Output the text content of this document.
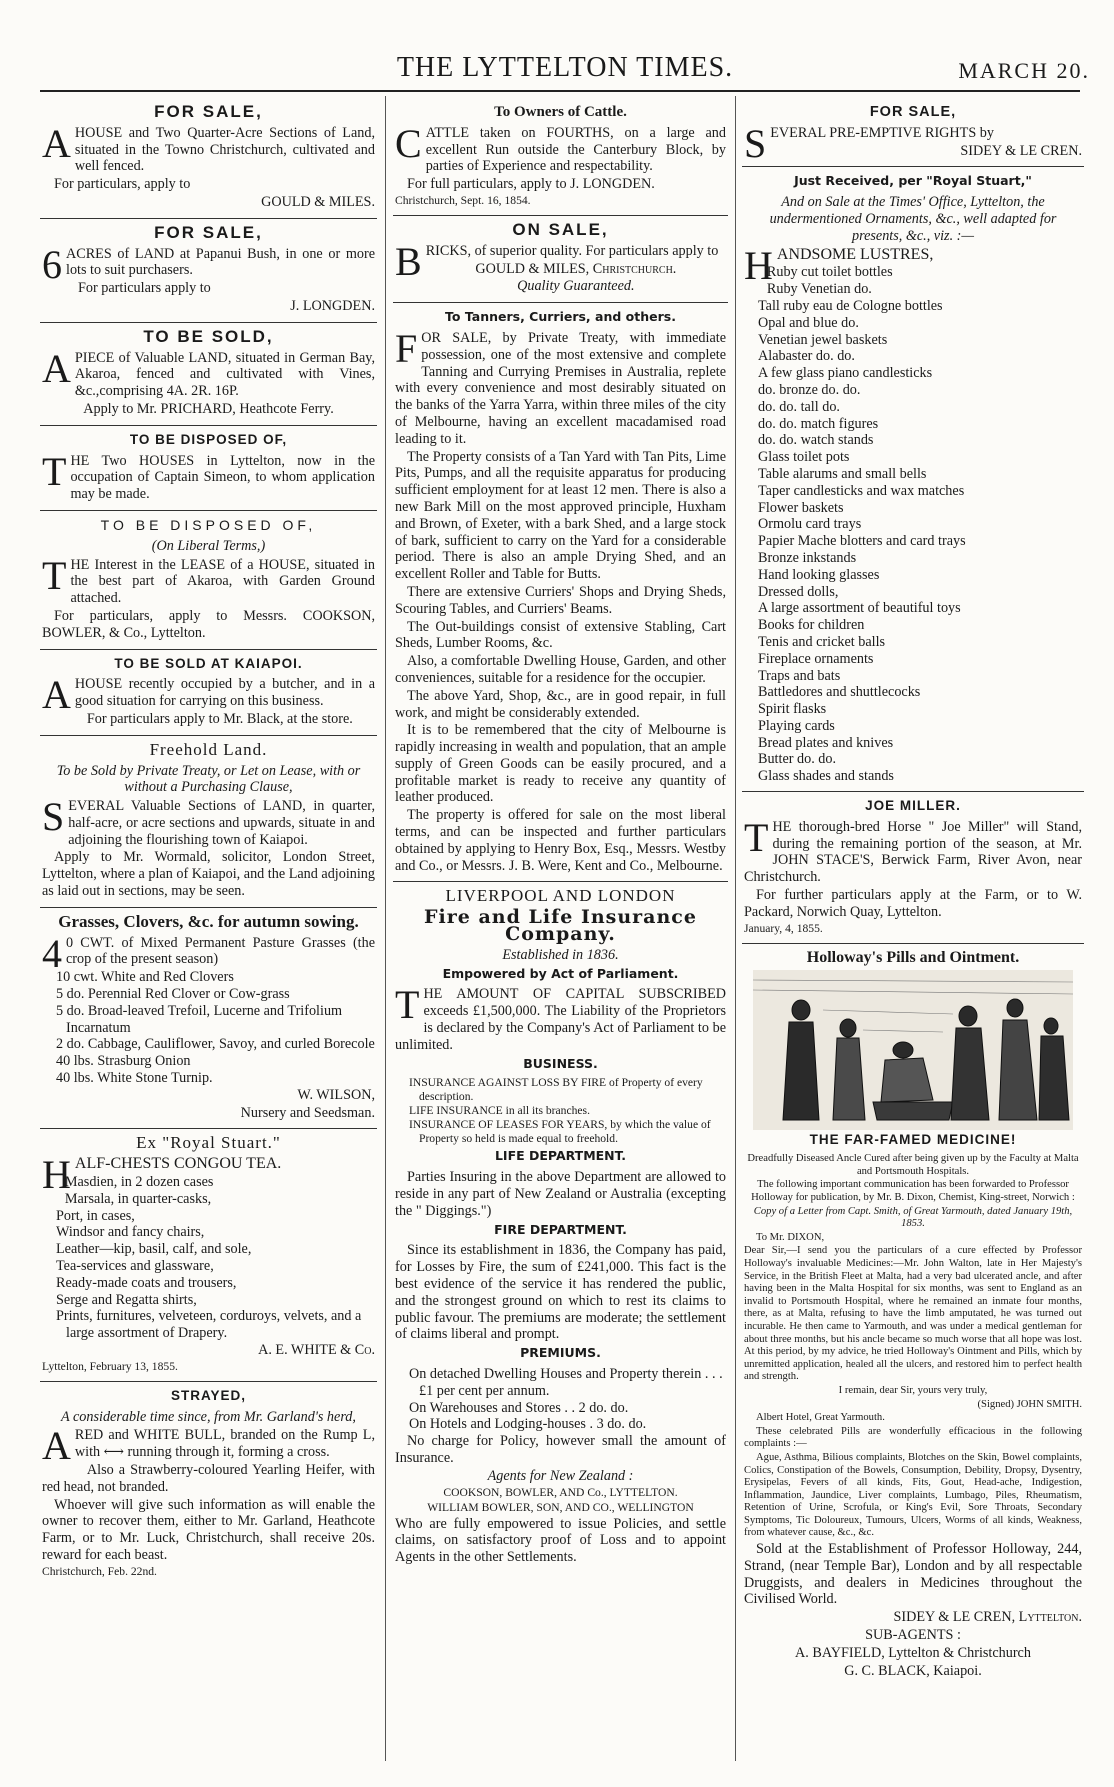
THE LYTTELTON TIMES.	MARCH 20.
FOR SALE,

AHOUSE and Two Quarter-Acre Sections of Land, situated in the Towno Christchurch, cultivated and well fenced.

For particulars, apply to

GOULD & MILES.

FOR SALE,

6ACRES of LAND at Papanui Bush, in one or more lots to suit purchasers.

For particulars apply to

J. LONGDEN.

TO BE SOLD,

APIECE of Valuable LAND, situated in German Bay, Akaroa, fenced and cultivated with Vines, &c.,comprising 4A. 2R. 16P.

Apply to Mr. PRICHARD, Heathcote Ferry.

TO BE DISPOSED OF,

THE Two HOUSES in Lyttelton, now in the occupation of Captain Simeon, to whom application may be made.

TO BE DISPOSED OF,
(On Liberal Terms,)

THE Interest in the LEASE of a HOUSE, situated in the best part of Akaroa, with Garden Ground attached.

For particulars, apply to Messrs. COOKSON, BOWLER, & Co., Lyttelton.

TO BE SOLD AT KAIAPOI.

AHOUSE recently occupied by a butcher, and in a good situation for carrying on this business.

For particulars apply to Mr. Black, at the store.

Freehold Land.
To be Sold by Private Treaty, or Let on Lease, with or without a Purchasing Clause,

SEVERAL Valuable Sections of LAND, in quarter, half-acre, or acre sections and upwards, situate in and adjoining the flourishing town of Kaiapoi.

Apply to Mr. Wormald, solicitor, London Street, Lyttelton, where a plan of Kaiapoi, and the Land adjoining as laid out in sections, may be seen.

Grasses, Clovers, &c. for autumn sowing.

40 CWT. of Mixed Permanent Pasture Grasses (the crop of the present season)

10 cwt. White and Red Clovers
5 do. Perennial Red Clover or Cow-grass
5 do. Broad-leaved Trefoil, Lucerne and Trifolium Incarnatum
2 do. Cabbage, Cauliflower, Savoy, and curled Borecole
40 lbs. Strasburg Onion
40 lbs. White Stone Turnip.

W. WILSON,

Nursery and Seedsman.

Ex "Royal Stuart."

HALF-CHESTS CONGOU TEA.

Masdien, in 2 dozen cases
Marsala, in quarter-casks,
Port, in cases,
Windsor and fancy chairs,
Leather—kip, basil, calf, and sole,
Tea-services and glassware,
Ready-made coats and trousers,
Serge and Regatta shirts,
Prints, furnitures, velveteen, corduroys, velvets, and a large assortment of Drapery.

A. E. WHITE & Co.

Lyttelton, February 13, 1855.

STRAYED,
A considerable time since, from Mr. Garland's herd,

ARED and WHITE BULL, branded on the Rump L, with ⟷ running through it, forming a cross.

Also a Strawberry-coloured Yearling Heifer, with red head, not branded.

Whoever will give such information as will enable the owner to recover them, either to Mr. Garland, Heathcote Farm, or to Mr. Luck, Christchurch, shall receive 20s. reward for each beast.

Christchurch, Feb. 22nd.

To Owners of Cattle.

CATTLE taken on FOURTHS, on a large and excellent Run outside the Canterbury Block, by parties of Experience and respectability.

For full particulars, apply to J. LONGDEN.

Christchurch, Sept. 16, 1854.

ON SALE,

BRICKS, of superior quality. For particulars apply to

GOULD & MILES, Christchurch.

Quality Guaranteed.

To Tanners, Curriers, and others.

FOR SALE, by Private Treaty, with immediate possession, one of the most extensive and complete Tanning and Currying Premises in Australia, replete with every convenience and most desirably situated on the banks of the Yarra Yarra, within three miles of the city of Melbourne, having an excellent macadamised road leading to it.

The Property consists of a Tan Yard with Tan Pits, Lime Pits, Pumps, and all the requisite apparatus for producing sufficient employment for at least 12 men. There is also a new Bark Mill on the most approved principle, Huxham and Brown, of Exeter, with a bark Shed, and a large stock of bark, sufficient to carry on the Yard for a considerable period. There is also an ample Drying Shed, and an excellent Roller and Table for Butts.

There are extensive Curriers' Shops and Drying Sheds, Scouring Tables, and Curriers' Beams.

The Out-buildings consist of extensive Stabling, Cart Sheds, Lumber Rooms, &c.

Also, a comfortable Dwelling House, Garden, and other conveniences, suitable for a residence for the occupier.

The above Yard, Shop, &c., are in good repair, in full work, and might be considerably extended.

It is to be remembered that the city of Melbourne is rapidly increasing in wealth and population, that an ample supply of Green Goods can be easily procured, and a profitable market is ready to receive any quantity of leather produced.

The property is offered for sale on the most liberal terms, and can be inspected and further particulars obtained by applying to Henry Box, Esq., Messrs. Westby and Co., or Messrs. J. B. Were, Kent and Co., Melbourne.

LIVERPOOL AND LONDON
Fire and Life Insurance Company.
Established in 1836.
Empowered by Act of Parliament.

THE AMOUNT OF CAPITAL SUBSCRIBED exceeds £1,500,000. The Liability of the Proprietors is declared by the Company's Act of Parliament to be unlimited.

BUSINESS.
INSURANCE AGAINST LOSS BY FIRE of Property of every description.
LIFE INSURANCE in all its branches.
INSURANCE OF LEASES FOR YEARS, by which the value of Property so held is made equal to freehold.
LIFE DEPARTMENT.

Parties Insuring in the above Department are allowed to reside in any part of New Zealand or Australia (excepting the " Diggings.")

FIRE DEPARTMENT.

Since its establishment in 1836, the Company has paid, for Losses by Fire, the sum of £241,000. This fact is the best evidence of the service it has rendered the public, and the strongest ground on which to rest its claims to public favour. The premiums are moderate; the settlement of claims liberal and prompt.

PREMIUMS.
On detached Dwelling Houses and Property therein . . . £1 per cent per annum.
On Warehouses and Stores . . 2 do. do.
On Hotels and Lodging-houses . 3 do. do.

No charge for Policy, however small the amount of Insurance.

Agents for New Zealand :

COOKSON, BOWLER, AND Co., LYTTELTON.

WILLIAM BOWLER, SON, AND CO., WELLINGTON

Who are fully empowered to issue Policies, and settle claims, on satisfactory proof of Loss and to appoint Agents in the other Settlements.

FOR SALE,

SEVERAL PRE-EMPTIVE RIGHTS by

SIDEY & LE CREN.

Just Received, per "Royal Stuart,"
And on Sale at the Times' Office, Lyttelton, the undermentioned Ornaments, &c., well adapted for presents, &c., viz. :—

HANDSOME LUSTRES,

Ruby cut toilet bottles
Ruby Venetian do.
Tall ruby eau de Cologne bottles
Opal and blue do.
Venetian jewel baskets
Alabaster do. do.
A few glass piano candlesticks
do. bronze do. do.
do. do. tall do.
do. do. match figures
do. do. watch stands
Glass toilet pots
Table alarums and small bells
Taper candlesticks and wax matches
Flower baskets
Ormolu card trays
Papier Mache blotters and card trays
Bronze inkstands
Hand looking glasses
Dressed dolls,
A large assortment of beautiful toys
Books for children
Tenis and cricket balls
Fireplace ornaments
Traps and bats
Battledores and shuttlecocks
Spirit flasks
Playing cards
Bread plates and knives
Butter do. do.
Glass shades and stands
JOE MILLER.

THE thorough-bred Horse " Joe Miller" will Stand, during the remaining portion of the season, at Mr. JOHN STACE'S, Berwick Farm, River Avon, near Christchurch.

For further particulars apply at the Farm, or to W. Packard, Norwich Quay, Lyttelton.

January, 4, 1855.

Holloway's Pills and Ointment.
THE FAR-FAMED MEDICINE!

Dreadfully Diseased Ancle Cured after being given up by the Faculty at Malta and Portsmouth Hospitals.

The following important communication has been forwarded to Professor Holloway for publication, by Mr. B. Dixon, Chemist, King-street, Norwich :

Copy of a Letter from Capt. Smith, of Great Yarmouth, dated January 19th, 1853.

To Mr. DIXON,

Dear Sir,—I send you the particulars of a cure effected by Professor Holloway's invaluable Medicines:—Mr. John Walton, late in Her Majesty's Service, in the British Fleet at Malta, had a very bad ulcerated ancle, and after having been in the Malta Hospital for six months, was sent to England as an invalid to Portsmouth Hospital, where he remained an inmate four months, there, as at Malta, refusing to have the limb amputated, he was turned out incurable. He then came to Yarmouth, and was under a medical gentleman for about three months, but his ancle became so much worse that all hope was lost. At this period, by my advice, he tried Holloway's Ointment and Pills, which by unremitted application, healed all the ulcers, and restored him to perfect health and strength.

I remain, dear Sir, yours very truly,

(Signed) JOHN SMITH.

Albert Hotel, Great Yarmouth.

These celebrated Pills are wonderfully efficacious in the following complaints :—

Ague, Asthma, Bilious complaints, Blotches on the Skin, Bowel complaints, Colics, Constipation of the Bowels, Consumption, Debility, Dropsy, Dysentry, Erysipelas, Fevers of all kinds, Fits, Gout, Head-ache, Indigestion, Inflammation, Jaundice, Liver complaints, Lumbago, Piles, Rheumatism, Retention of Urine, Scrofula, or King's Evil, Sore Throats, Secondary Symptoms, Tic Doloureux, Tumours, Ulcers, Worms of all kinds, Weakness, from whatever cause, &c., &c.

Sold at the Establishment of Professor Holloway, 244, Strand, (near Temple Bar), London and by all respectable Druggists, and dealers in Medicines throughout the Civilised World.

SIDEY & LE CREN, Lyttelton.

SUB-AGENTS :

A. BAYFIELD, Lyttelton & Christchurch

G. C. BLACK, Kaiapoi.
